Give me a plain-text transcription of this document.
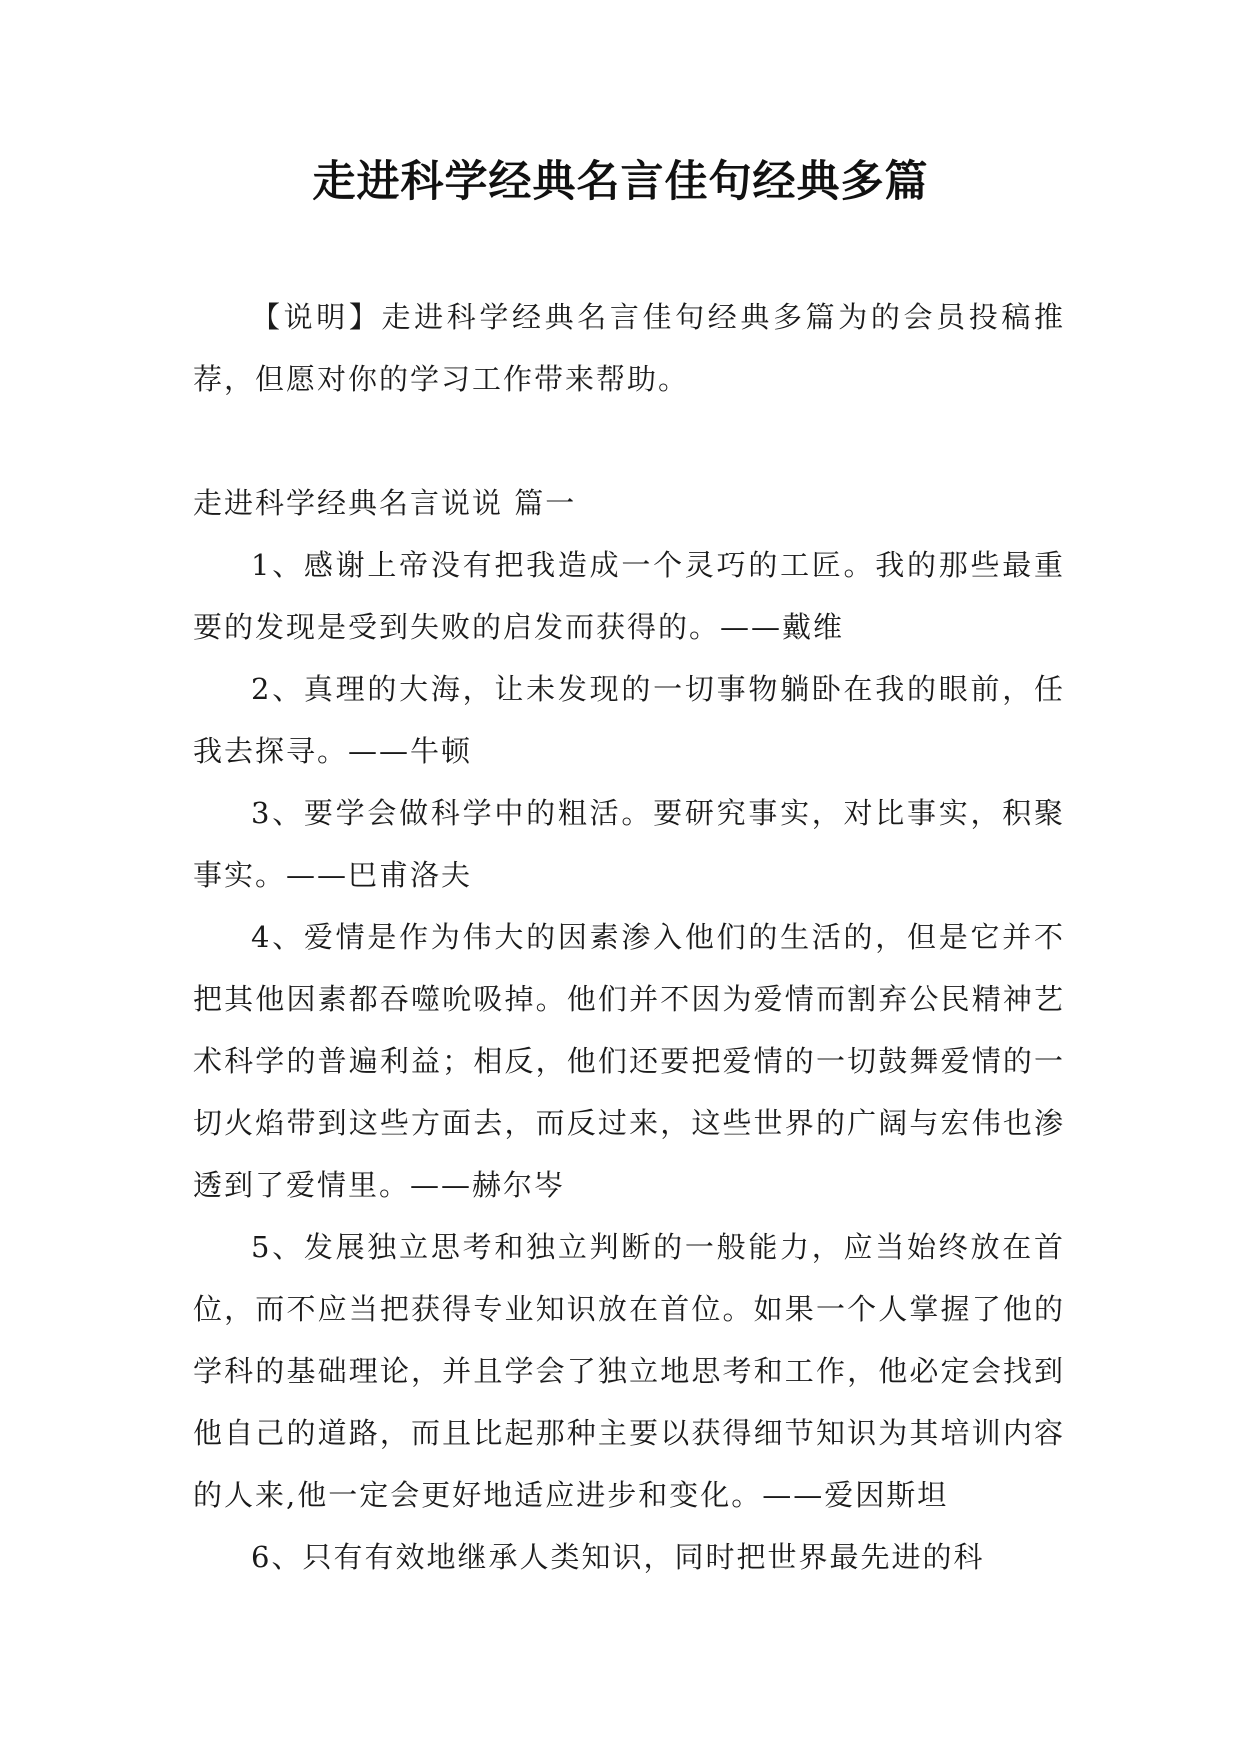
走进科学经典名言佳句经典多篇

【说明】走进科学经典名言佳句经典多篇为的会员投稿推荐，但愿对你的学习工作带来帮助。

走进科学经典名言说说 篇一

1、感谢上帝没有把我造成一个灵巧的工匠。我的那些最重要的发现是受到失败的启发而获得的。——戴维

2、真理的大海，让未发现的一切事物躺卧在我的眼前，任我去探寻。——牛顿

3、要学会做科学中的粗活。要研究事实，对比事实，积聚事实。——巴甫洛夫

4、爱情是作为伟大的因素渗入他们的生活的，但是它并不把其他因素都吞噬吮吸掉。他们并不因为爱情而割弃公民精神艺术科学的普遍利益；相反，他们还要把爱情的一切鼓舞爱情的一切火焰带到这些方面去，而反过来，这些世界的广阔与宏伟也渗透到了爱情里。——赫尔岑

5、发展独立思考和独立判断的一般能力，应当始终放在首位，而不应当把获得专业知识放在首位。如果一个人掌握了他的学科的基础理论，并且学会了独立地思考和工作，他必定会找到他自己的道路，而且比起那种主要以获得细节知识为其培训内容的人来,他一定会更好地适应进步和变化。——爱因斯坦

6、只有有效地继承人类知识，同时把世界最先进的科
